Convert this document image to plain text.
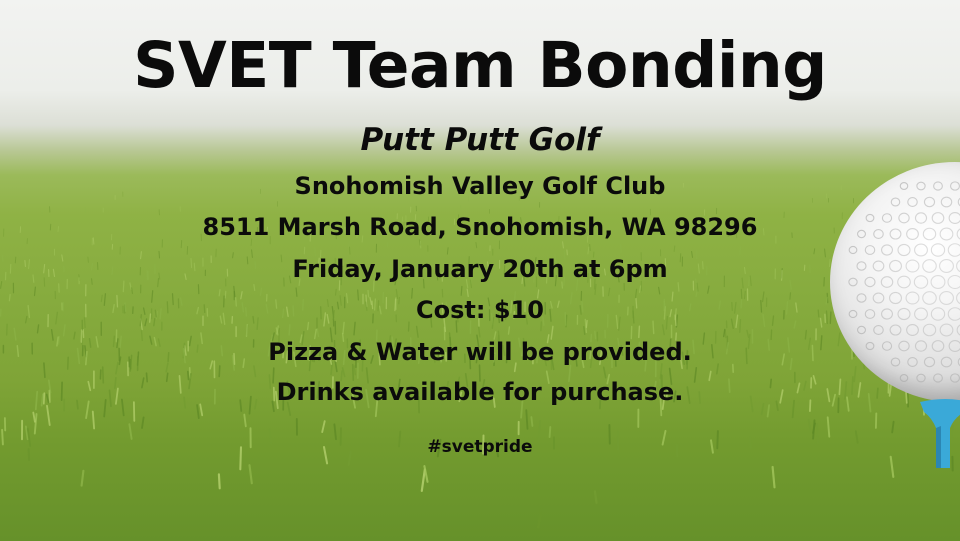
SVET Team Bonding
Putt Putt Golf
Snohomish Valley Golf Club
8511 Marsh Road, Snohomish, WA 98296
Friday, January 20th at 6pm
Cost: $10
Pizza & Water will be provided.
Drinks available for purchase.
#svetpride
